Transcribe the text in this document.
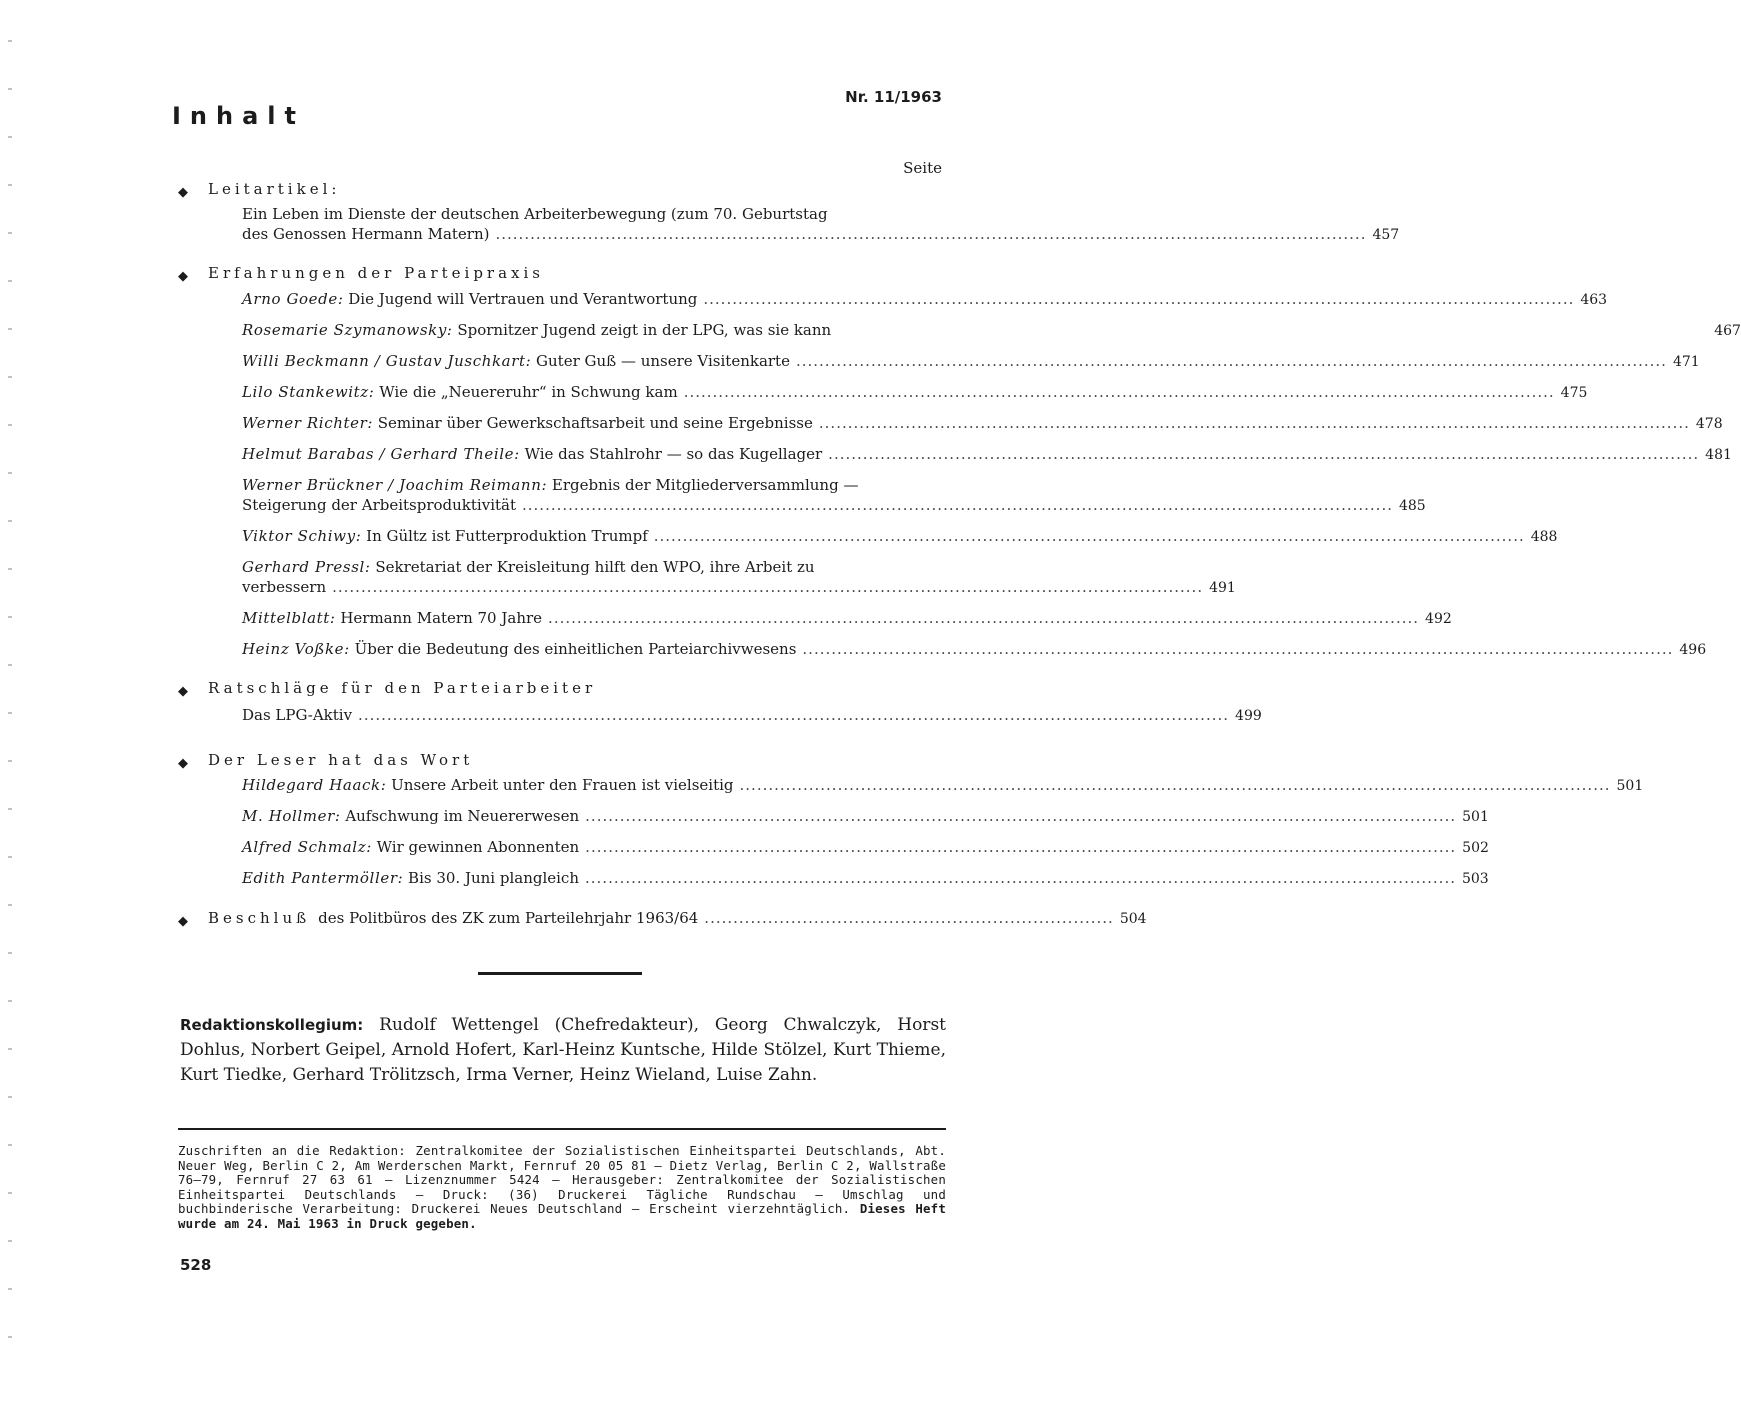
Inhalt
Nr. 11/1963
Seite
◆ Leitartikel:
Ein Leben im Dienste der deutschen Arbeiterbewegung (zum 70. Geburtstag
des Genossen Hermann Matern) .....	457
◆ Erfahrungen der Parteipraxis
Arno Goede:
Die Jugend will Vertrauen und Verantwortung .....	463
Rosemarie Szymanowsky:
Spornitzer Jugend zeigt in der LPG, was sie kann	467
Willi Beckmann / Gustav Juschkart:
Guter Guß — unsere Visitenkarte .....	471
Lilo Stankewitz:
Wie die „Neuereruhr“ in Schwung kam .....	475
Werner Richter:
Seminar über Gewerkschaftsarbeit und seine Ergebnisse .....	478
Helmut Barabas / Gerhard Theile:
Wie das Stahlrohr — so das Kugellager .....	481
Werner Brückner / Joachim Reimann:
Ergebnis der Mitgliederversammlung —
Steigerung der Arbeitsproduktivität .....	485
Viktor Schiwy:
In Gültz ist Futterproduktion Trumpf .....	488
Gerhard Pressl:
Sekretariat der Kreisleitung hilft den WPO, ihre Arbeit zu
verbessern .....	491
Mittelblatt:
Hermann Matern 70 Jahre .....	492
Heinz Voßke:
Über die Bedeutung des einheitlichen Parteiarchivwesens .....	496
◆ Ratschläge für den Parteiarbeiter
Das LPG-Aktiv .....	499
◆ Der Leser hat das Wort
Hildegard Haack:
Unsere Arbeit unter den Frauen ist vielseitig .....	501
M. Hollmer:
Aufschwung im Neuererwesen .....	501
Alfred Schmalz:
Wir gewinnen Abonnenten .....	502
Edith Pantermöller:
Bis 30. Juni plangleich .....	503
◆ Beschluß des Politbüros des ZK zum Parteilehrjahr 1963/64 ....................................................................... 504
Redaktionskollegium: Rudolf Wettengel (Chefredakteur), Georg Chwalczyk, Horst Dohlus, Norbert Geipel, Arnold Hofert, Karl-Heinz Kuntsche, Hilde Stölzel, Kurt Thieme, Kurt Tiedke, Gerhard Trölitzsch, Irma Verner, Heinz Wieland, Luise Zahn.
Zuschriften an die Redaktion: Zentralkomitee der Sozialistischen Einheitspartei Deutschlands, Abt. Neuer Weg, Berlin C 2, Am Werderschen Markt, Fernruf 20 05 81 — Dietz Verlag, Berlin C 2, Wallstraße 76—79, Fernruf 27 63 61 — Lizenznummer 5424 — Herausgeber: Zentralkomitee der Sozialistischen Einheitspartei Deutschlands — Druck: (36) Druckerei Tägliche Rundschau — Umschlag und buchbinderische Verarbeitung: Druckerei Neues Deutschland — Erscheint vierzehntäglich. Dieses Heft wurde am 24. Mai 1963 in Druck gegeben.
528
